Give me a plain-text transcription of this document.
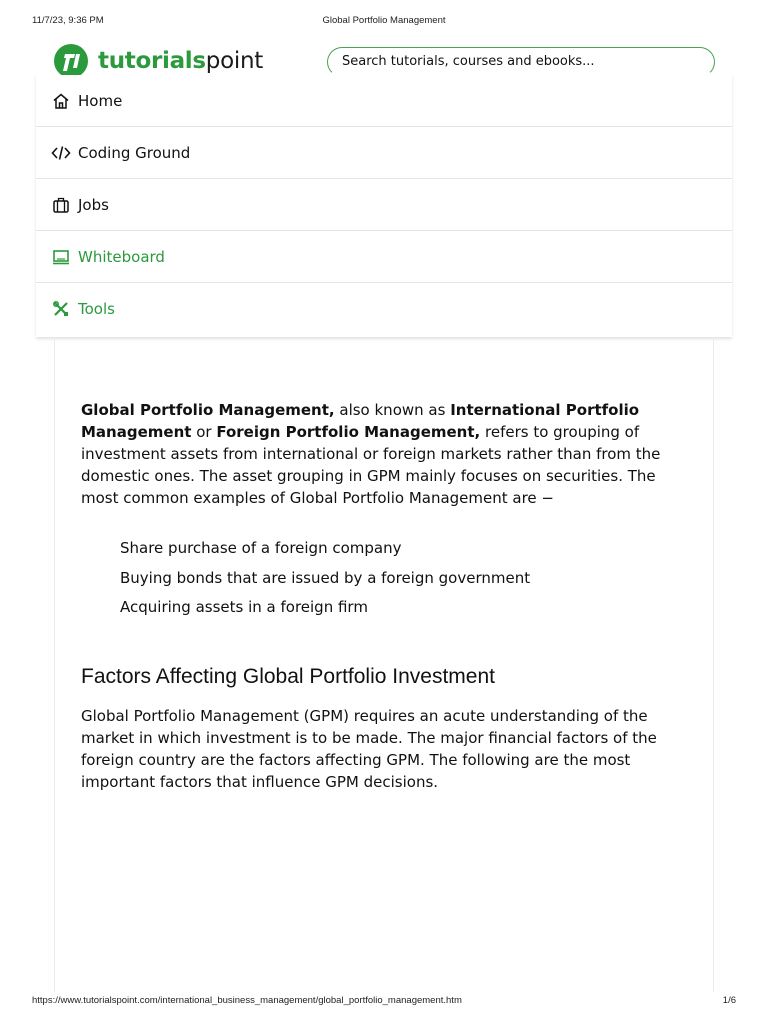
11/7/23, 9:36 PM	Global Portfolio Management
tutorialspoint	Search tutorials, courses and ebooks...
Home
Coding Ground
Jobs
Whiteboard
Tools

Global Portfolio Management, also known as International Portfolio Management or Foreign Portfolio Management, refers to grouping of investment assets from international or foreign markets rather than from the domestic ones. The asset grouping in GPM mainly focuses on securities. The most common examples of Global Portfolio Management are −

Share purchase of a foreign company
Buying bonds that are issued by a foreign government
Acquiring assets in a foreign firm
Factors Affecting Global Portfolio Investment

Global Portfolio Management (GPM) requires an acute understanding of the market in which investment is to be made. The major financial factors of the foreign country are the factors affecting GPM. The following are the most important factors that influence GPM decisions.

https://www.tutorialspoint.com/international_business_management/global_portfolio_management.htm	1/6
